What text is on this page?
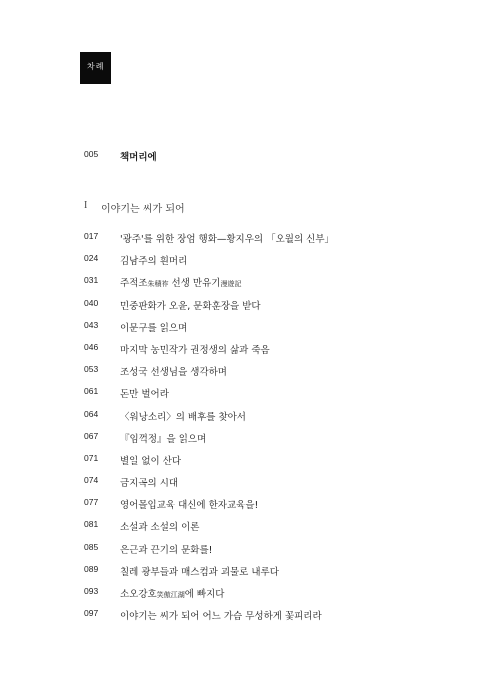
차례
005 책머리에
I 이야기는 씨가 되어
017 '광주'를 위한 장엄 행화—황지우의 「오월의 신부」
024 김남주의 흰머리
031 주적조朱積祚 선생 만유기漫遊記
040 민중판화가 오윤, 문화훈장을 받다
043 이문구를 읽으며
046 마지막 농민작가 권정생의 삶과 죽음
053 조성국 선생님을 생각하며
061 돈만 벌어라
064 〈워낭소리〉의 배후를 찾아서
067 『임꺽정』을 읽으며
071 별일 없이 산다
074 금지곡의 시대
077 영어몰입교육 대신에 한자교육을!
081 소설과 소설의 이론
085 은근과 끈기의 문화를!
089 칠레 광부들과 매스컴과 괴물로 내루다
093 소오강호笑傲江湖에 빠지다
097 이야기는 씨가 되어 어느 가슴 무성하게 꽃피리라
